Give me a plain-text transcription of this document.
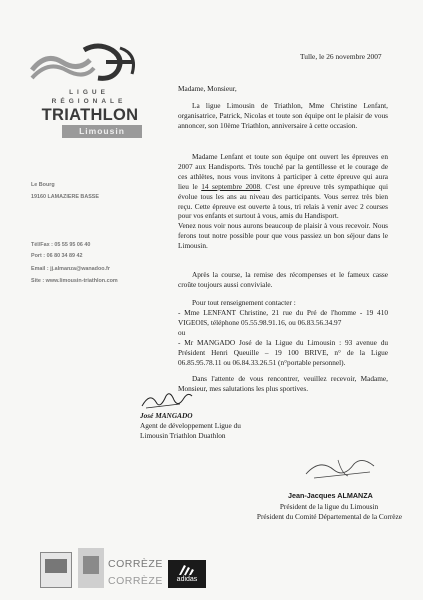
LIGUE
RÉGIONALE
TRIATHLON
Limousin
Le Bourg
19160 LAMAZIERE BASSE
Tél/Fax : 05 55 95 06 40
Port : 06 80 34 89 42
Email : jj.almanza@wanadoo.fr
Site : www.limousin-triathlon.com
Tulle, le 26 novembre 2007
Madame, Monsieur,
La ligue Limousin de Triathlon, Mme Christine Lenfant, organisatrice, Patrick, Nicolas et toute son équipe ont le plaisir de vous annoncer, son 10ème Triathlon, anniversaire à cette occasion.
Madame Lenfant et toute son équipe ont ouvert les épreuves en 2007 aux Handisports. Très touché par la gentillesse et le courage de ces athlètes, nous vous invitons à participer à cette épreuve qui aura lieu le 14 septembre 2008. C'est une épreuve très sympathique qui évolue tous les ans au niveau des participants. Vous serrez très bien reçu. Cette épreuve est ouverte à tous, tri relais à venir avec 2 courses pour vos enfants et surtout à vous, amis du Handisport.
Venez nous voir nous aurons beaucoup de plaisir à vous recevoir. Nous ferons tout notre possible pour que vous passiez un bon séjour dans le Limousin.
Après la course, la remise des récompenses et le fameux casse croûte toujours aussi conviviale.
Pour tout renseignement contacter :
- Mme LENFANT Christine, 21 rue du Pré de l'homme - 19 410 VIGEOIS, téléphone 05.55.98.91.16, ou 06.83.56.34.97
ou
- Mr MANGADO José de la Ligue du Limousin : 93 avenue du Président Henri Queuille – 19 100 BRIVE, n° de la Ligue 06.85.95.78.11 ou 06.84.33.26.51 (n°portable personnel).
Dans l'attente de vous rencontrer, veuillez recevoir, Madame, Monsieur, mes salutations les plus sportives.
José MANGADO
Agent de développement Ligue du
Limousin Triathlon Duathlon
Jean-Jacques ALMANZA
Président de la ligue du Limousin
Président du Comité Départemental de la Corrèze
CORRÈZE
CORRÈZE	adidas
